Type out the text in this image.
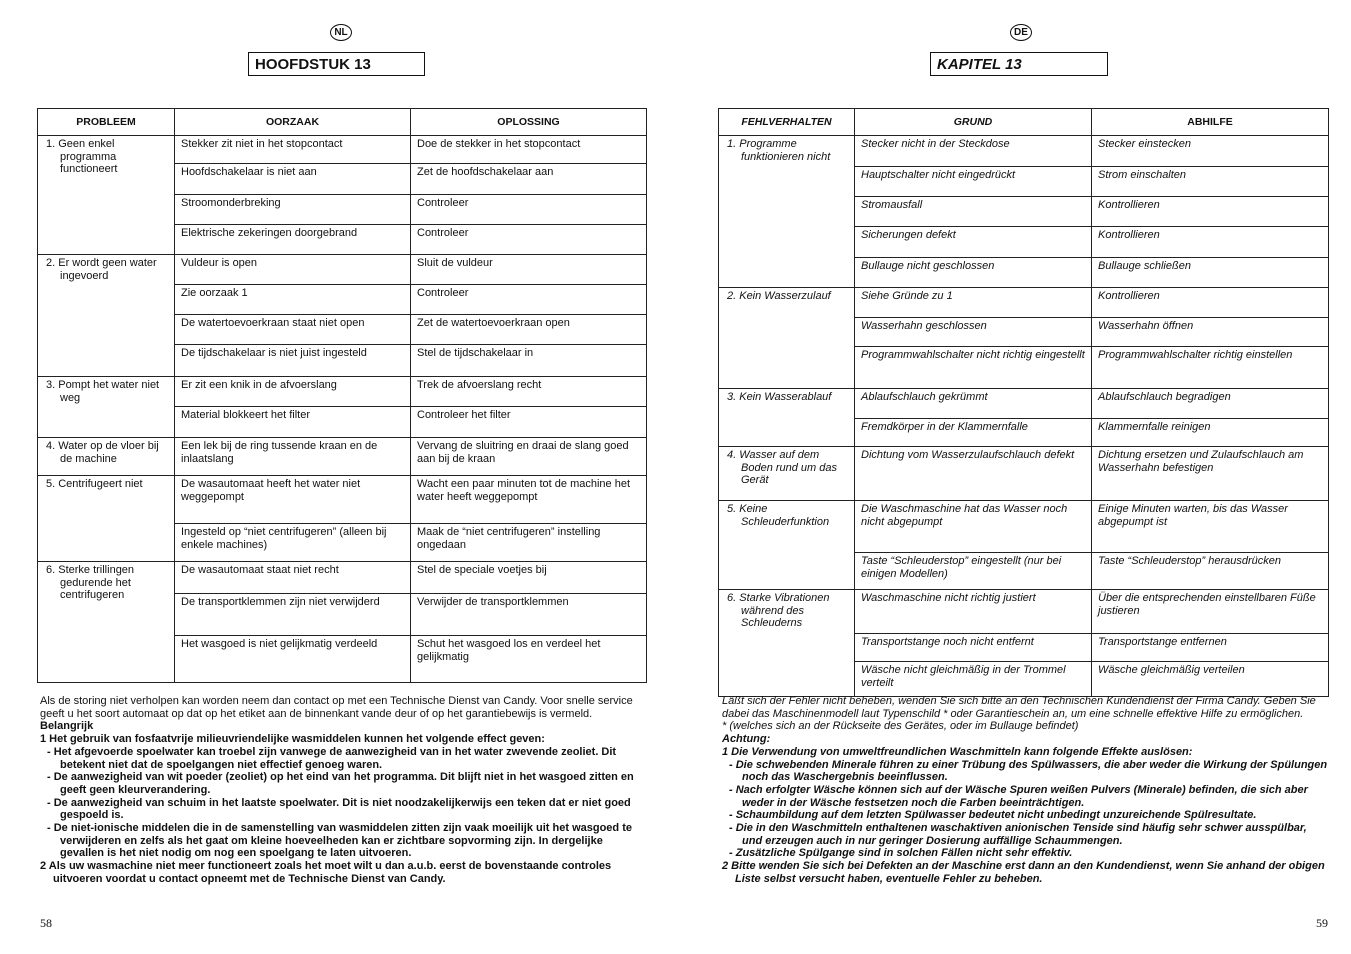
NL
HOOFDSTUK 13
PROBLEEM	OORZAAK	OPLOSSING

1. Geen enkel programma functioneert	Stekker zit niet in het stopcontact	Doe de stekker in het stopcontact
	Hoofdschakelaar is niet aan	Zet de hoofdschakelaar aan
	Stroomonderbreking	Controleer
	Elektrische zekeringen doorgebrand	Controleer

2. Er wordt geen water ingevoerd	Vuldeur is open	Sluit de vuldeur
	Zie oorzaak 1	Controleer
	De watertoevoerkraan staat niet open	Zet de watertoevoerkraan open
	De tijdschakelaar is niet juist ingesteld	Stel de tijdschakelaar in

3. Pompt het water niet weg	Er zit een knik in de afvoerslang	Trek de afvoerslang recht
	Material blokkeert het filter	Controleer het filter

4. Water op de vloer bij de machine	Een lek bij de ring tussende kraan en de inlaatslang	Vervang de sluitring en draai de slang goed aan bij de kraan

5. Centrifugeert niet	De wasautomaat heeft het water niet weggepompt	Wacht een paar minuten tot de machine het water heeft weggepompt
	Ingesteld op “niet centrifugeren” (alleen bij enkele machines)	Maak de “niet centrifugeren” instelling ongedaan

6. Sterke trillingen gedurende het centrifugeren	De wasautomaat staat niet recht	Stel de speciale voetjes bij
	De transportklemmen zijn niet verwijderd	Verwijder de transportklemmen
	Het wasgoed is niet gelijkmatig verdeeld	Schut het wasgoed los en verdeel het gelijkmatig

Als de storing niet verholpen kan worden neem dan contact op met een Technische Dienst van Candy. Voor snelle service geeft u het soort automaat op dat op het etiket aan de binnenkant vande deur of op het garantiebewijs is vermeld.

Belangrijk

1 Het gebruik van fosfaatvrije milieuvriendelijke wasmiddelen kunnen het volgende effect geven:

- Het afgevoerde spoelwater kan troebel zijn vanwege de aanwezigheid van in het water zwevende zeoliet. Dit betekent niet dat de spoelgangen niet effectief genoeg waren.

- De aanwezigheid van wit poeder (zeoliet) op het eind van het programma. Dit blijft niet in het wasgoed zitten en geeft geen kleurverandering.

- De aanwezigheid van schuim in het laatste spoelwater. Dit is niet noodzakelijkerwijs een teken dat er niet goed gespoeld is.

- De niet-ionische middelen die in de samenstelling van wasmiddelen zitten zijn vaak moeilijk uit het wasgoed te verwijderen en zelfs als het gaat om kleine hoeveelheden kan er zichtbare sopvorming zijn. In dergelijke gevallen is het niet nodig om nog een spoelgang te laten uitvoeren.

2 Als uw wasmachine niet meer functioneert zoals het moet wilt u dan a.u.b. eerst de bovenstaande controles uitvoeren voordat u contact opneemt met de Technische Dienst van Candy.

58
DE
KAPITEL 13
FEHLVERHALTEN	GRUND	ABHILFE

1. Programme funktionieren nicht	Stecker nicht in der Steckdose	Stecker einstecken
	Hauptschalter nicht eingedrückt	Strom einschalten
	Stromausfall	Kontrollieren
	Sicherungen defekt	Kontrollieren
	Bullauge nicht geschlossen	Bullauge schließen

2. Kein Wasserzulauf	Siehe Gründe zu 1	Kontrollieren
	Wasserhahn geschlossen	Wasserhahn öffnen
	Programmwahlschalter nicht richtig eingestellt	Programmwahlschalter richtig einstellen

3. Kein Wasserablauf	Ablaufschlauch gekrümmt	Ablaufschlauch begradigen
	Fremdkörper in der Klammernfalle	Klammernfalle reinigen

4. Wasser auf dem Boden rund um das Gerät	Dichtung vom Wasserzulaufschlauch defekt	Dichtung ersetzen und Zulaufschlauch am Wasserhahn befestigen

5. Keine Schleuderfunktion	Die Waschmaschine hat das Wasser noch nicht abgepumpt	Einige Minuten warten, bis das Wasser abgepumpt ist
	Taste “Schleuderstop” eingestellt (nur bei einigen Modellen)	Taste “Schleuderstop” herausdrücken

6. Starke Vibrationen während des Schleuderns	Waschmaschine nicht richtig justiert	Über die entsprechenden einstellbaren Füße justieren
	Transportstange noch nicht entfernt	Transportstange entfernen
	Wäsche nicht gleichmäßig in der Trommel verteilt	Wäsche gleichmäßig verteilen

Läßt sich der Fehler nicht beheben, wenden Sie sich bitte an den Technischen Kundendienst der Firma Candy. Geben Sie dabei das Maschinenmodell laut Typenschild * oder Garantieschein an, um eine schnelle effektive Hilfe zu ermöglichen.

* (welches sich an der Rückseite des Gerätes, oder im Bullauge befindet)

Achtung:

1 Die Verwendung von umweltfreundlichen Waschmitteln kann folgende Effekte auslösen:

- Die schwebenden Minerale führen zu einer Trübung des Spülwassers, die aber weder die Wirkung der Spülungen noch das Waschergebnis beeinflussen.

- Nach erfolgter Wäsche können sich auf der Wäsche Spuren weißen Pulvers (Minerale) befinden, die sich aber weder in der Wäsche festsetzen noch die Farben beeinträchtigen.

- Schaumbildung auf dem letzten Spülwasser bedeutet nicht unbedingt unzureichende Spülresultate.

- Die in den Waschmitteln enthaltenen waschaktiven anionischen Tenside sind häufig sehr schwer ausspülbar, und erzeugen auch in nur geringer Dosierung auffällige Schaummengen.

- Zusätzliche Spülgange sind in solchen Fällen nicht sehr effektiv.

2 Bitte wenden Sie sich bei Defekten an der Maschine erst dann an den Kundendienst, wenn Sie anhand der obigen Liste selbst versucht haben, eventuelle Fehler zu beheben.

59
